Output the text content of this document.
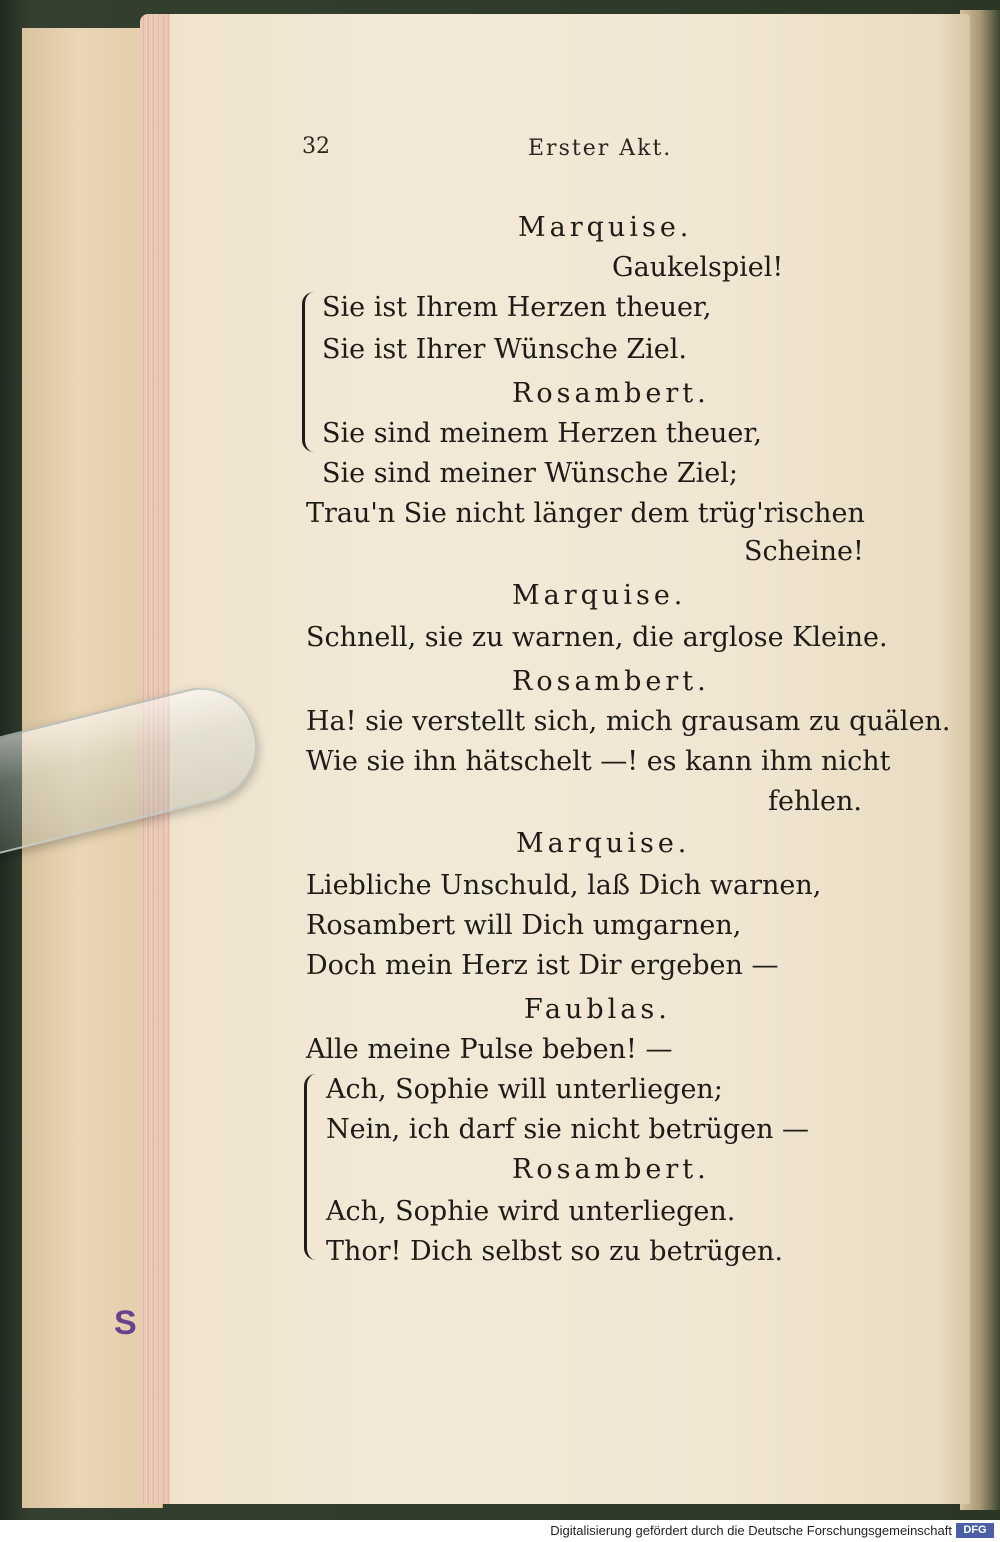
S
32	Erster Akt.
Marquise.
Gaukelspiel!
Sie ist Ihrem Herzen theuer,
Sie ist Ihrer Wünsche Ziel.
Rosambert.
Sie sind meinem Herzen theuer,
Sie sind meiner Wünsche Ziel;
Trau'n Sie nicht länger dem trüg'rischen
Scheine!
Marquise.
Schnell, sie zu warnen, die arglose Kleine.
Rosambert.
Ha! sie verstellt sich, mich grausam zu quälen.
Wie sie ihn hätschelt —! es kann ihm nicht
fehlen.
Marquise.
Liebliche Unschuld, laß Dich warnen,
Rosambert will Dich umgarnen,
Doch mein Herz ist Dir ergeben —
Faublas.
Alle meine Pulse beben! —
Ach, Sophie will unterliegen;
Nein, ich darf sie nicht betrügen —
Rosambert.
Ach, Sophie wird unterliegen.
Thor! Dich selbst so zu betrügen.
Digitalisierung gefördert durch die Deutsche Forschungsgemeinschaft	DFG
